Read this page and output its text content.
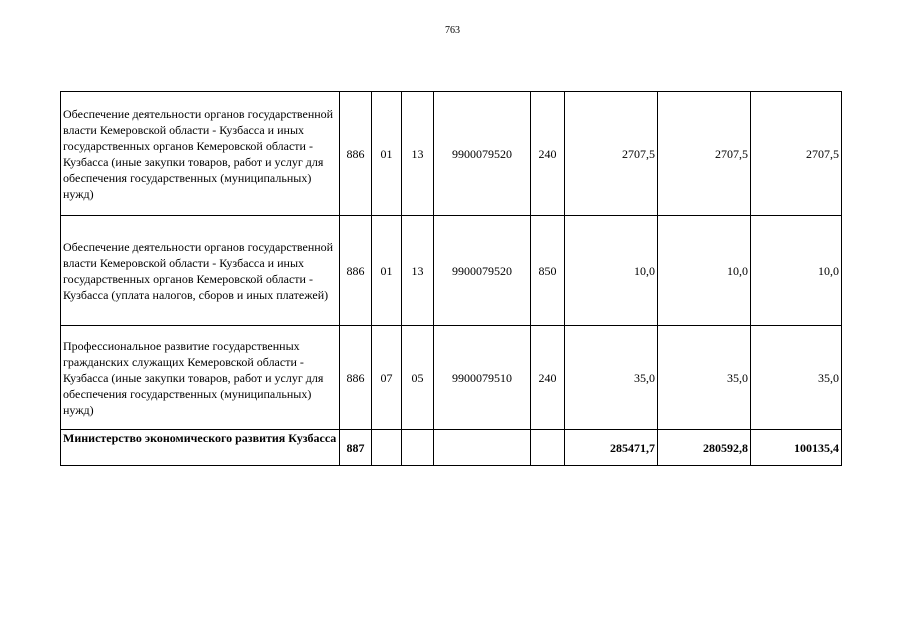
763
Обеспечение деятельности органов государственной власти Кемеровской области - Кузбасса и иных государственных органов Кемеровской области - Кузбасса (иные закупки товаров, работ и услуг для обеспечения государственных (муниципальных) нужд)	886	01	13	9900079520	240	2707,5	2707,5	2707,5
Обеспечение деятельности органов государственной власти Кемеровской области - Кузбасса и иных государственных органов Кемеровской области - Кузбасса (уплата налогов, сборов и иных платежей)	886	01	13	9900079520	850	10,0	10,0	10,0
Профессиональное развитие государственных гражданских служащих Кемеровской области - Кузбасса (иные закупки товаров, работ и услуг для обеспечения государственных (муниципальных) нужд)	886	07	05	9900079510	240	35,0	35,0	35,0
Министерство экономического развития Кузбасса	887					285471,7	280592,8	100135,4
